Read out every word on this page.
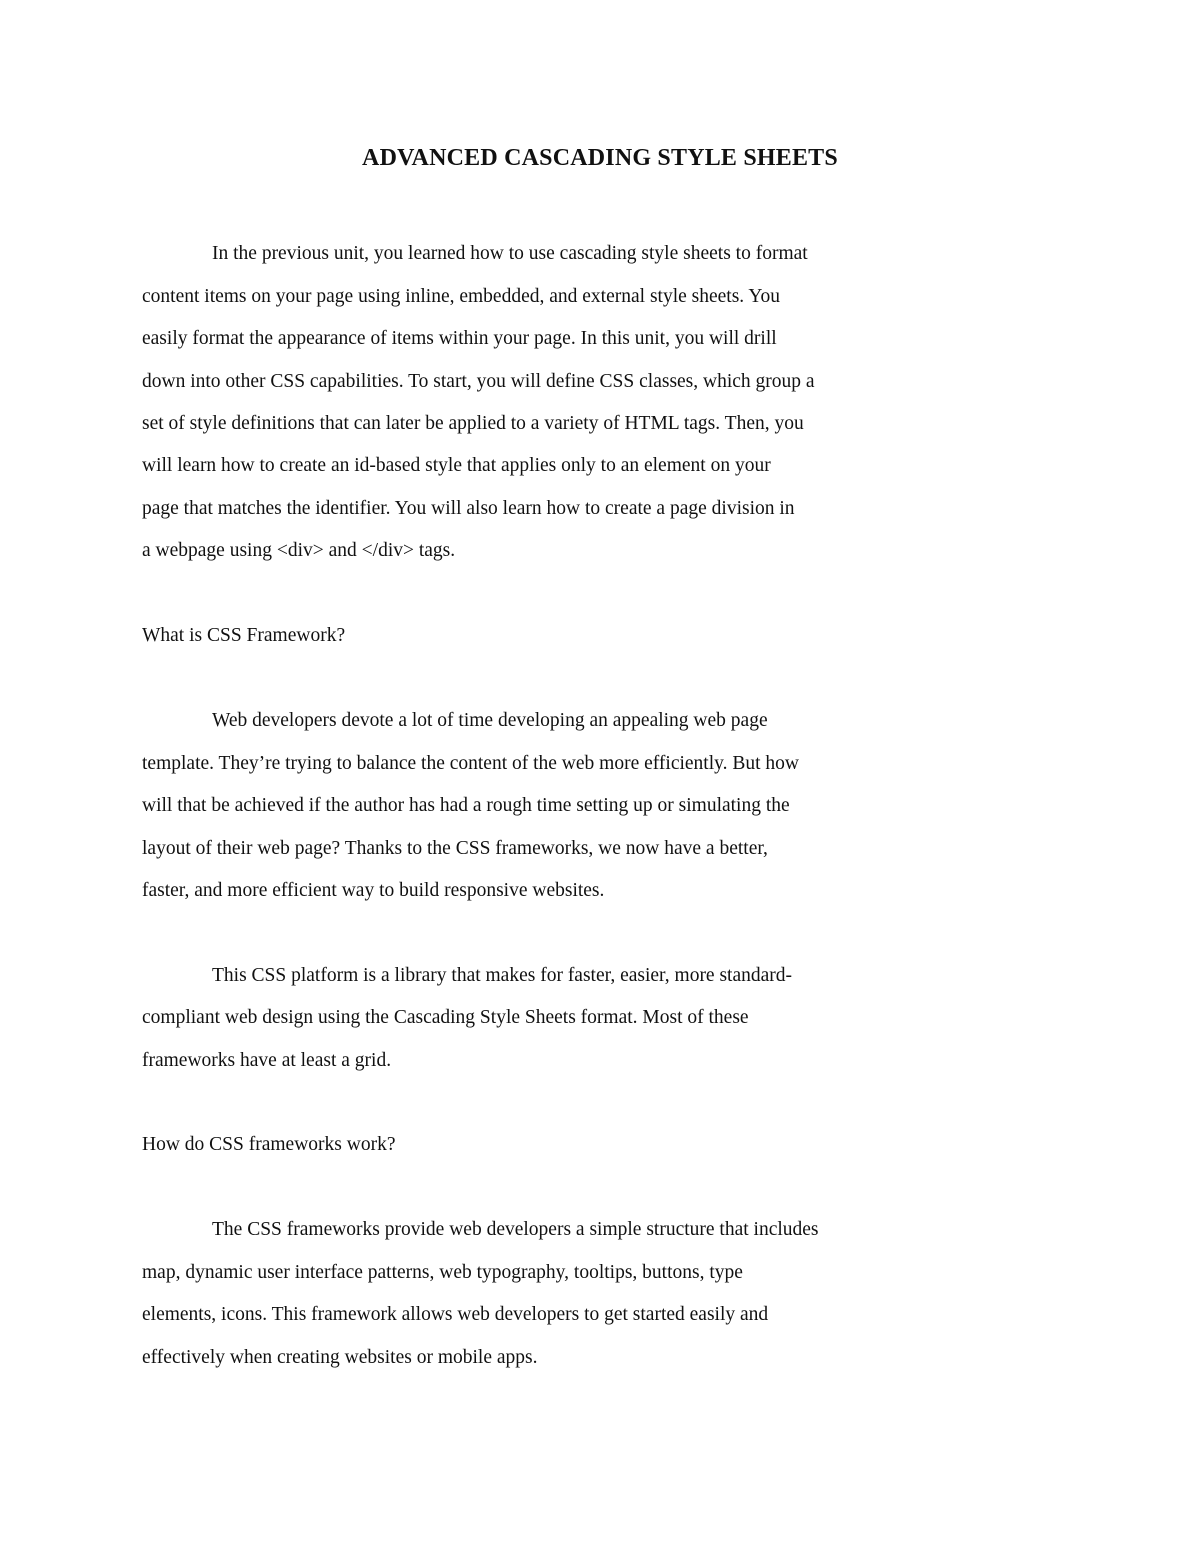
ADVANCED CASCADING STYLE SHEETS
In the previous unit, you learned how to use cascading style sheets to format
content items on your page using inline, embedded, and external style sheets. You
easily format the appearance of items within your page. In this unit, you will drill
down into other CSS capabilities. To start, you will define CSS classes, which group a
set of style definitions that can later be applied to a variety of HTML tags. Then, you
will learn how to create an id-based style that applies only to an element on your
page that matches the identifier. You will also learn how to create a page division in
a webpage using <div> and </div> tags.
What is CSS Framework?
Web developers devote a lot of time developing an appealing web page
template. They’re trying to balance the content of the web more efficiently. But how
will that be achieved if the author has had a rough time setting up or simulating the
layout of their web page? Thanks to the CSS frameworks, we now have a better,
faster, and more efficient way to build responsive websites.
This CSS platform is a library that makes for faster, easier, more standard-
compliant web design using the Cascading Style Sheets format. Most of these
frameworks have at least a grid.
How do CSS frameworks work?
The CSS frameworks provide web developers a simple structure that includes
map, dynamic user interface patterns, web typography, tooltips, buttons, type
elements, icons. This framework allows web developers to get started easily and
effectively when creating websites or mobile apps.
